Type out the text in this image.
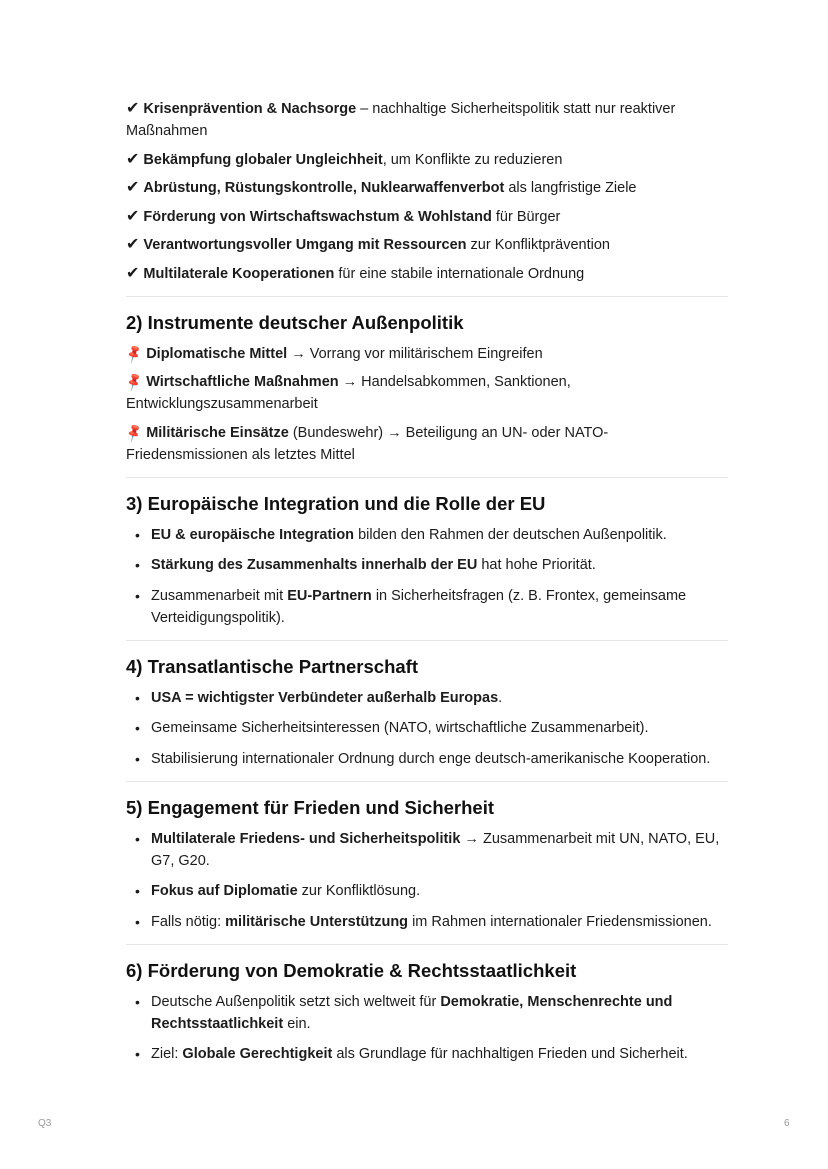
✔ Krisenprävention & Nachsorge – nachhaltige Sicherheitspolitik statt nur reaktiver Maßnahmen

✔ Bekämpfung globaler Ungleichheit, um Konflikte zu reduzieren

✔ Abrüstung, Rüstungskontrolle, Nuklearwaffenverbot als langfristige Ziele

✔ Förderung von Wirtschaftswachstum & Wohlstand für Bürger

✔ Verantwortungsvoller Umgang mit Ressourcen zur Konfliktprävention

✔ Multilaterale Kooperationen für eine stabile internationale Ordnung

2) Instrumente deutscher Außenpolitik

📌 Diplomatische Mittel → Vorrang vor militärischem Eingreifen

📌 Wirtschaftliche Maßnahmen → Handelsabkommen, Sanktionen, Entwicklungszusammenarbeit

📌 Militärische Einsätze (Bundeswehr) → Beteiligung an UN- oder NATO-Friedensmissionen als letztes Mittel

3) Europäische Integration und die Rolle der EU
• EU & europäische Integration bilden den Rahmen der deutschen Außenpolitik.
• Stärkung des Zusammenhalts innerhalb der EU hat hohe Priorität.
• Zusammenarbeit mit EU-Partnern in Sicherheitsfragen (z. B. Frontex, gemeinsame Verteidigungspolitik).
4) Transatlantische Partnerschaft
• USA = wichtigster Verbündeter außerhalb Europas.
• Gemeinsame Sicherheitsinteressen (NATO, wirtschaftliche Zusammenarbeit).
• Stabilisierung internationaler Ordnung durch enge deutsch-amerikanische Kooperation.
5) Engagement für Frieden und Sicherheit
• Multilaterale Friedens- und Sicherheitspolitik → Zusammenarbeit mit UN, NATO, EU, G7, G20.
• Fokus auf Diplomatie zur Konfliktlösung.
• Falls nötig: militärische Unterstützung im Rahmen internationaler Friedensmissionen.
6) Förderung von Demokratie & Rechtsstaatlichkeit
• Deutsche Außenpolitik setzt sich weltweit für Demokratie, Menschenrechte und Rechtsstaatlichkeit ein.
• Ziel: Globale Gerechtigkeit als Grundlage für nachhaltigen Frieden und Sicherheit.
Q3	6
